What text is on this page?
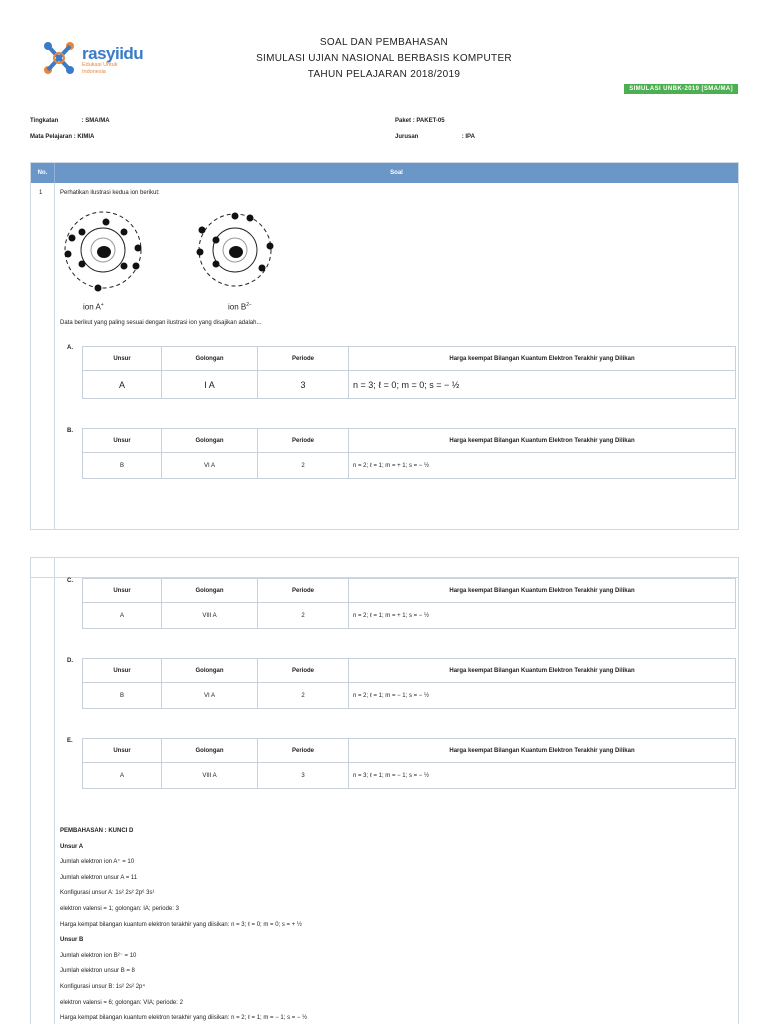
rasyiidu
Edukasi Untuk Indonesia
SOAL DAN PEMBAHASAN
SIMULASI UJIAN NASIONAL BERBASIS KOMPUTER
TAHUN PELAJARAN 2018/2019
SIMULASI UNBK-2019 [SMA/MA]
Tingkatan	: SMA/MA
Mata Pelajaran : KIMIA
Paket : PAKET-05
Jurusan	: IPA
No.	Soal
1	Perhatikan ilustrasi kedua ion berikut:
ion A+	ion $B^{2-}$
Data berikut yang paling sesuai dengan ilustrasi ion yang disajikan adalah...
A.
Unsur	Golongan	Periode	Harga keempat Bilangan Kuantum Elektron Terakhir yang Dilikan
A	I A	3	n = 3; ℓ = 0; m = 0; s = − ½
B.
Unsur	Golongan	Periode	Harga keempat Bilangan Kuantum Elektron Terakhir yang Dilikan
B	VI A	2	n = 2; ℓ = 1; m = + 1; s = − ½
C.
Unsur	Golongan	Periode	Harga keempat Bilangan Kuantum Elektron Terakhir yang Dilikan
A	VIII A	2	n = 2; ℓ = 1; m = + 1; s = − ½
D.
Unsur	Golongan	Periode	Harga keempat Bilangan Kuantum Elektron Terakhir yang Dilikan
B	VI A	2	n = 2; ℓ = 1; m = − 1; s = − ½
E.
Unsur	Golongan	Periode	Harga keempat Bilangan Kuantum Elektron Terakhir yang Dilikan
A	VIII A	3	n = 3; ℓ = 1; m = − 1; s = − ½
PEMBAHASAN : KUNCI D
Unsur A
Jumlah elektron ion A⁺ = 10
Jumlah elektron unsur A = 11
Konfigurasi unsur A: 1s² 2s² 2p⁶ 3s¹
elektron valensi = 1; golongan: IA; periode: 3
Harga kempat bilangan kuantum elektron terakhir yang diisikan: n = 3; ℓ = 0; m = 0; s = + ½
Unsur B
Jumlah elektron ion B²⁻ = 10
Jumlah elektron unsur B = 8
Konfigurasi unsur B: 1s² 2s² 2p⁴
elektron valensi = 6; golongan: VIA; periode: 2
Harga kempat bilangan kuantum elektron terakhir yang diisikan: n = 2; ℓ = 1; m = − 1; s = − ½
